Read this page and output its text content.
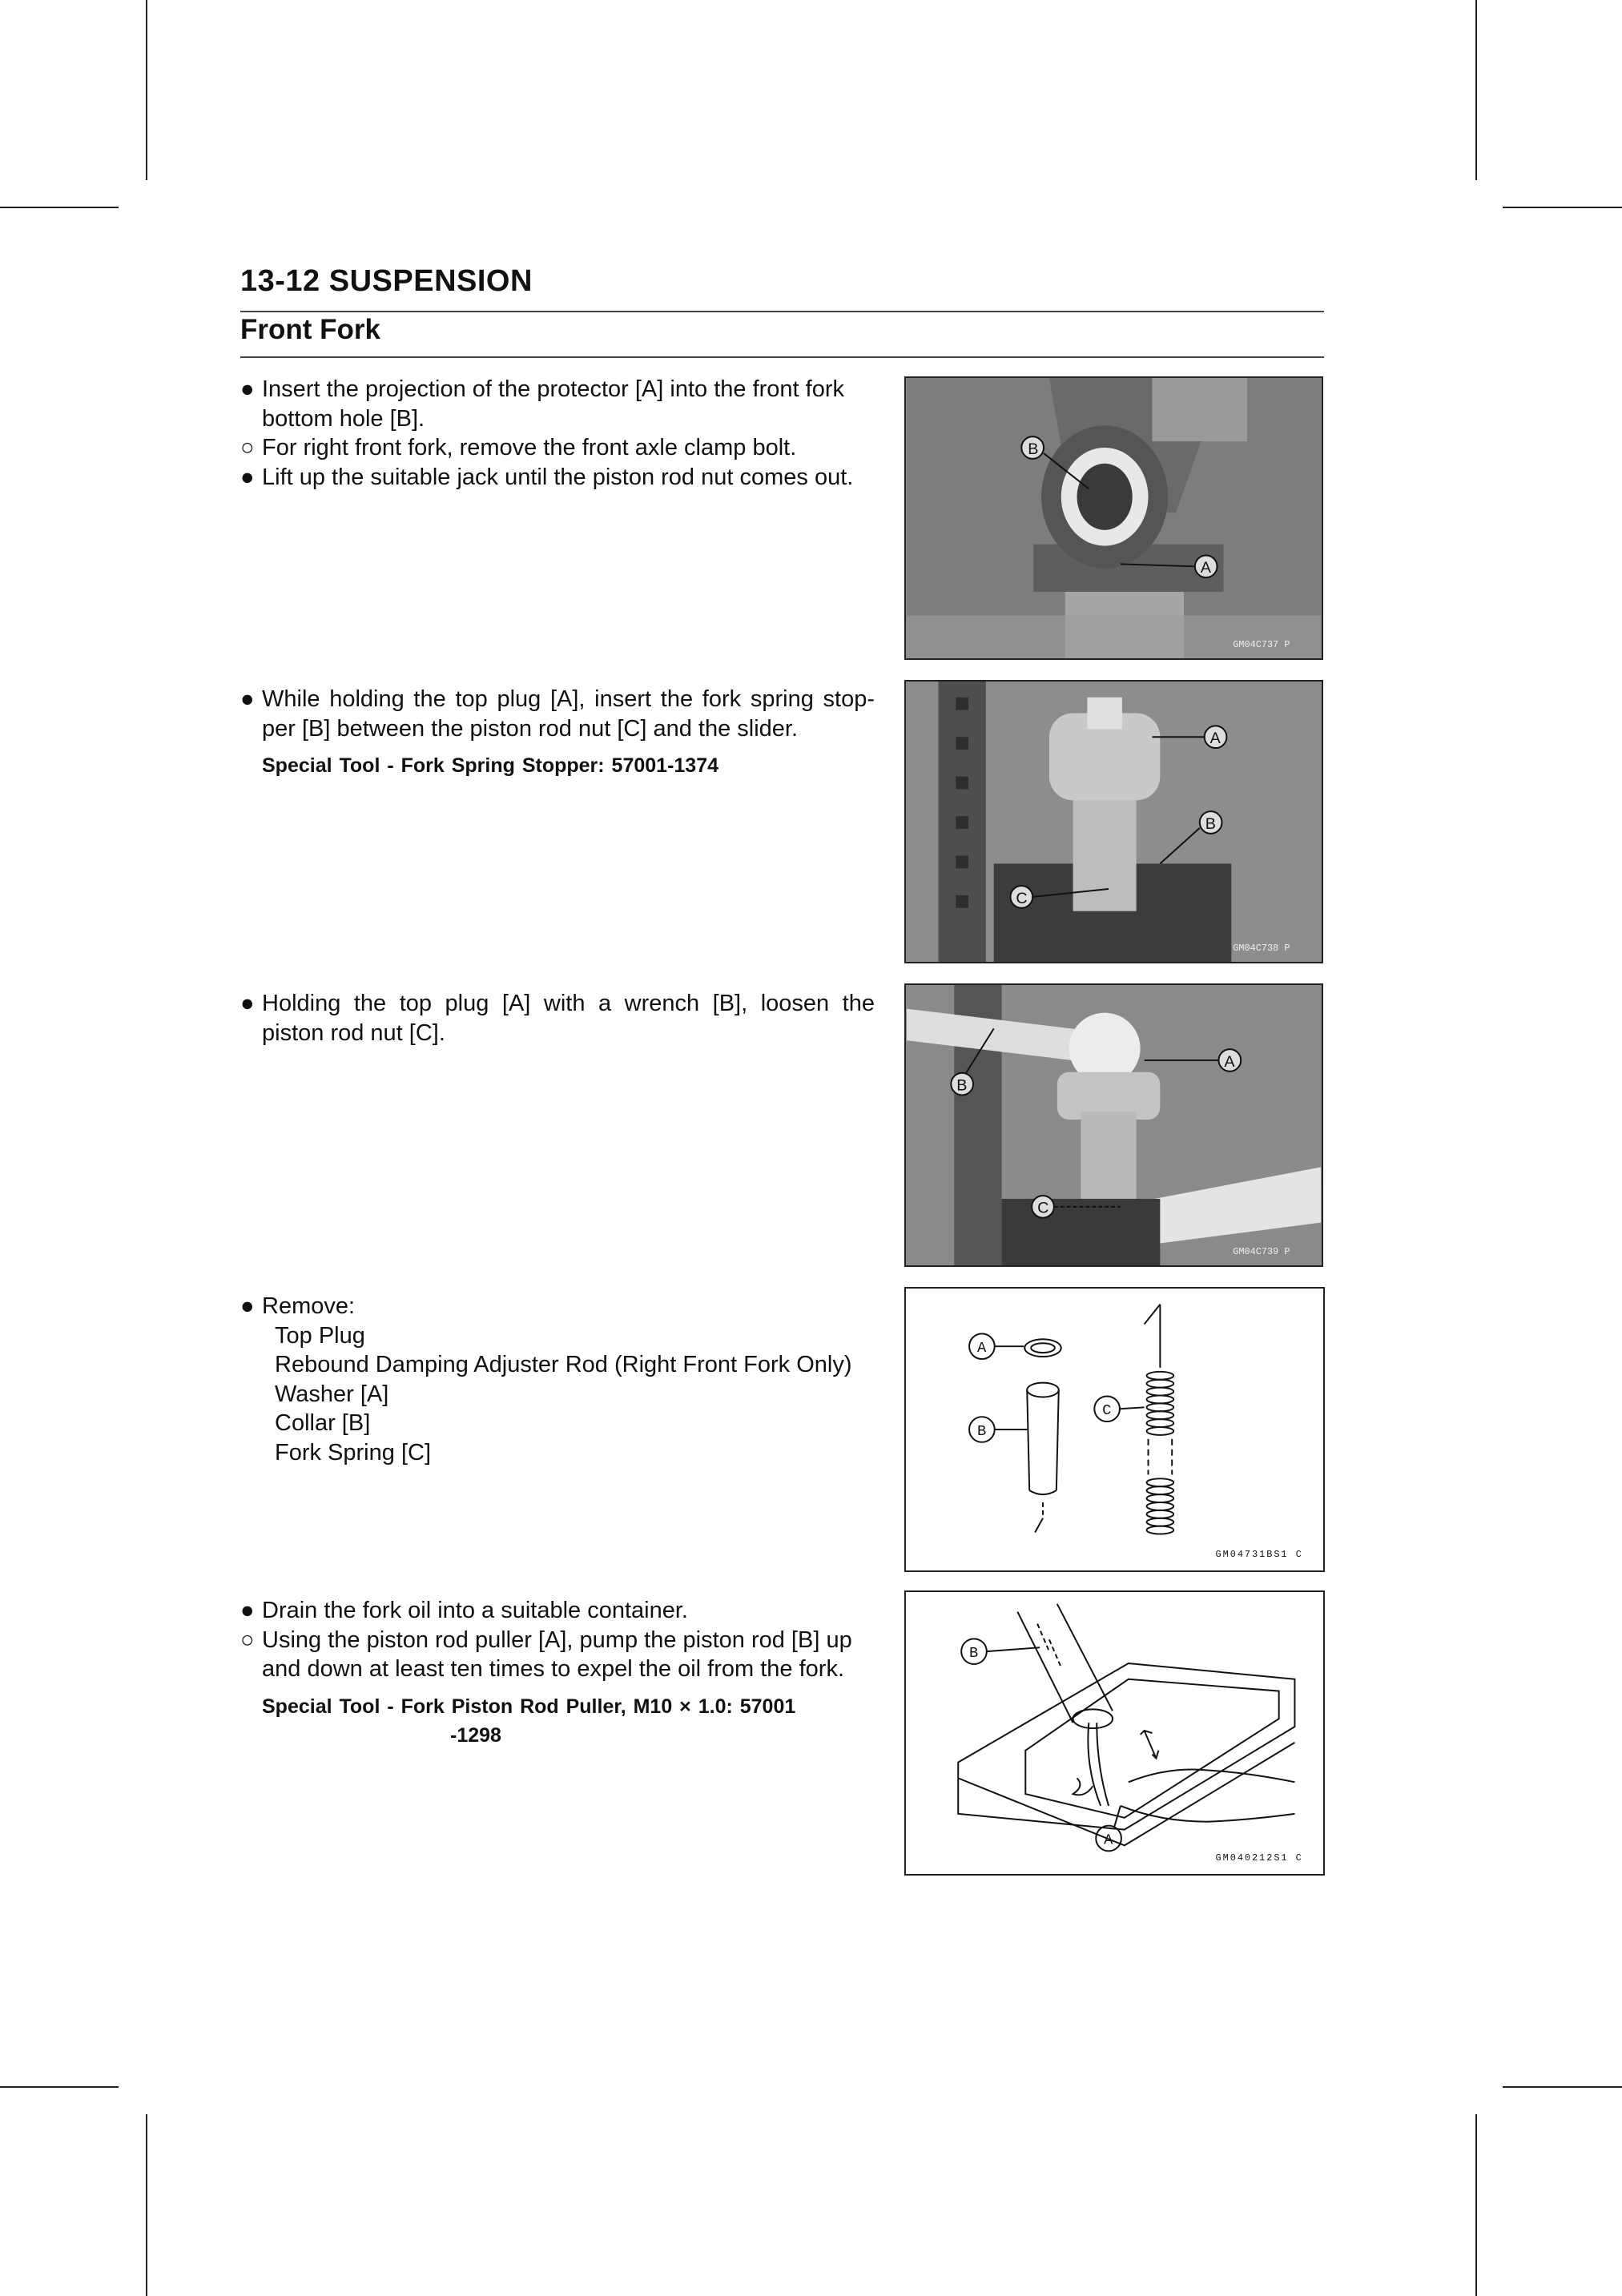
13-12 SUSPENSION
Front Fork
● Insert the projection of the protector [A] into the front fork bottom hole [B].
○ For right front fork, remove the front axle clamp bolt.
● Lift up the suitable jack until the piston rod nut comes out.
● While holding the top plug [A], insert the fork spring stop-per [B] between the piston rod nut [C] and the slider.
Special Tool - Fork Spring Stopper: 57001-1374
● Holding the top plug [A] with a wrench [B], loosen the piston rod nut [C].
● Remove:
Top Plug
Rebound Damping Adjuster Rod (Right Front Fork Only)
Washer [A]
Collar [B]
Fork Spring [C]
● Drain the fork oil into a suitable container.
○ Using the piston rod puller [A], pump the piston rod [B] up and down at least ten times to expel the oil from the fork.
Special Tool - Fork Piston Rod Puller, M10 × 1.0: 57001
-1298
B
A
GM04C737 P
A
B
C
GM04C738 P
A
B
C
GM04C739 P
A
B
C
GM04731BS1 C
B
A
GM040212S1 C
